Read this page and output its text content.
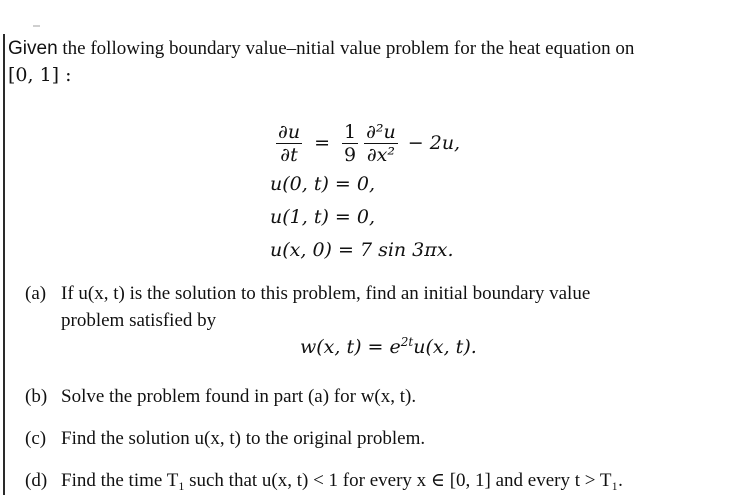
Given the following boundary value–nitial value problem for the heat equation on
[0, 1] :
$\frac{\partial u}{\partial t} = \frac{1}{9} \frac{\text{∂²u}}{\text{∂x²}} - 2u$,
u(0, t) = 0,
u(1, t) = 0,
u(x, 0) = 7 sin 3πx.
(a) If u(x, t) is the solution to this problem, find an initial boundary value
problem satisfied by
w(x, $t) = e^{2t}u(x$, t).
(b) Solve the problem found in part (a) for w(x, t).
(c) Find the solution u(x, t) to the original problem.
(d) Find the time $T_1$ such that u(x, t) < 1 for every x ∈ [0, 1] and every t > T₁.
